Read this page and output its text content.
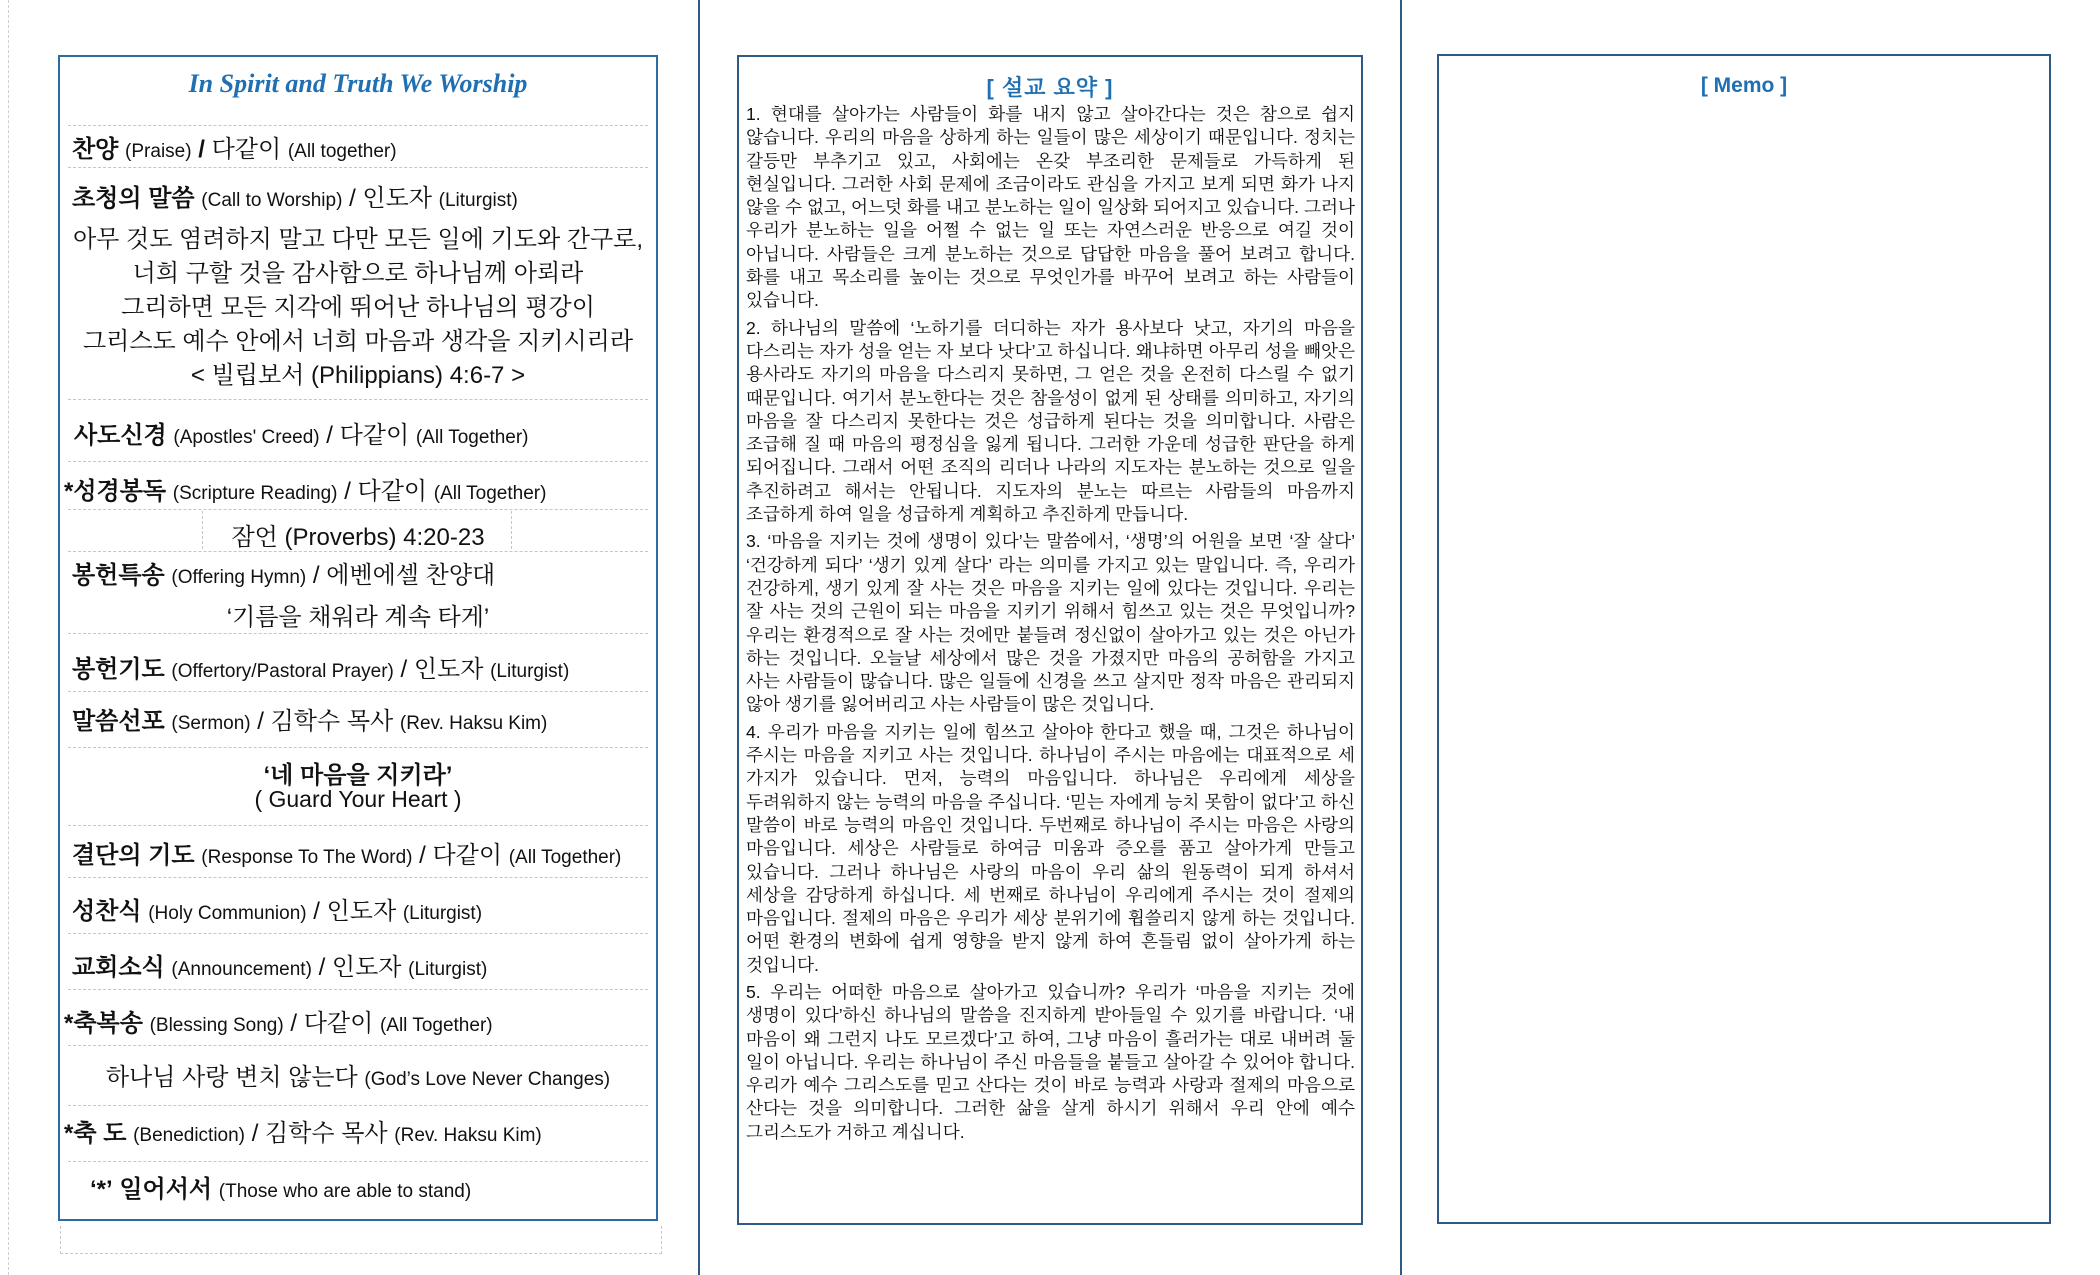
In Spirit and Truth We Worship
찬양 (Praise) / 다같이 (All together)
초청의 말씀 (Call to Worship) / 인도자 (Liturgist)
아무 것도 염려하지 말고 다만 모든 일에 기도와 간구로,
너희 구할 것을 감사함으로 하나님께 아뢰라
그리하면 모든 지각에 뛰어난 하나님의 평강이
그리스도 예수 안에서 너희 마음과 생각을 지키시리라
< 빌립보서 (Philippians) 4:6-7 >
사도신경 (Apostles' Creed) / 다같이 (All Together)
*성경봉독 (Scripture Reading) / 다같이 (All Together)
잠언 (Proverbs) 4:20-23
봉헌특송 (Offering Hymn) / 에벤에셀 찬양대
‘기름을 채워라 계속 타게’
봉헌기도 (Offertory/Pastoral Prayer) / 인도자 (Liturgist)
말씀선포 (Sermon) / 김학수 목사 (Rev. Haksu Kim)
‘네 마음을 지키라’
( Guard Your Heart )
결단의 기도 (Response To The Word) / 다같이 (All Together)
성찬식 (Holy Communion) / 인도자 (Liturgist)
교회소식 (Announcement) / 인도자 (Liturgist)
*축복송 (Blessing Song) / 다같이 (All Together)
하나님 사랑 변치 않는다 (God’s Love Never Changes)
*축 도 (Benediction) / 김학수 목사 (Rev. Haksu Kim)
‘*’ 일어서서 (Those who are able to stand)
[ 설교 요약 ]

1. 현대를 살아가는 사람들이 화를 내지 않고 살아간다는 것은 참으로 쉽지 않습니다. 우리의 마음을 상하게 하는 일들이 많은 세상이기 때문입니다. 정치는 갈등만 부추기고 있고, 사회에는 온갖 부조리한 문제들로 가득하게 된 현실입니다. 그러한 사회 문제에 조금이라도 관심을 가지고 보게 되면 화가 나지 않을 수 없고, 어느덧 화를 내고 분노하는 일이 일상화 되어지고 있습니다. 그러나 우리가 분노하는 일을 어쩔 수 없는 일 또는 자연스러운 반응으로 여길 것이 아닙니다. 사람들은 크게 분노하는 것으로 답답한 마음을 풀어 보려고 합니다. 화를 내고 목소리를 높이는 것으로 무엇인가를 바꾸어 보려고 하는 사람들이 있습니다.

2. 하나님의 말씀에 ‘노하기를 더디하는 자가 용사보다 낫고, 자기의 마음을 다스리는 자가 성을 얻는 자 보다 낫다’고 하십니다. 왜냐하면 아무리 성을 빼앗은 용사라도 자기의 마음을 다스리지 못하면, 그 얻은 것을 온전히 다스릴 수 없기 때문입니다. 여기서 분노한다는 것은 참을성이 없게 된 상태를 의미하고, 자기의 마음을 잘 다스리지 못한다는 것은 성급하게 된다는 것을 의미합니다. 사람은 조급해 질 때 마음의 평정심을 잃게 됩니다. 그러한 가운데 성급한 판단을 하게 되어집니다. 그래서 어떤 조직의 리더나 나라의 지도자는 분노하는 것으로 일을 추진하려고 해서는 안됩니다. 지도자의 분노는 따르는 사람들의 마음까지 조급하게 하여 일을 성급하게 계획하고 추진하게 만듭니다.

3. ‘마음을 지키는 것에 생명이 있다’는 말씀에서, ‘생명’의 어원을 보면 ‘잘 살다’ ‘건강하게 되다’ ‘생기 있게 살다’ 라는 의미를 가지고 있는 말입니다. 즉, 우리가 건강하게, 생기 있게 잘 사는 것은 마음을 지키는 일에 있다는 것입니다. 우리는 잘 사는 것의 근원이 되는 마음을 지키기 위해서 힘쓰고 있는 것은 무엇입니까? 우리는 환경적으로 잘 사는 것에만 붙들려 정신없이 살아가고 있는 것은 아닌가 하는 것입니다. 오늘날 세상에서 많은 것을 가졌지만 마음의 공허함을 가지고 사는 사람들이 많습니다. 많은 일들에 신경을 쓰고 살지만 정작 마음은 관리되지 않아 생기를 잃어버리고 사는 사람들이 많은 것입니다.

4. 우리가 마음을 지키는 일에 힘쓰고 살아야 한다고 했을 때, 그것은 하나님이 주시는 마음을 지키고 사는 것입니다. 하나님이 주시는 마음에는 대표적으로 세 가지가 있습니다. 먼저, 능력의 마음입니다. 하나님은 우리에게 세상을 두려워하지 않는 능력의 마음을 주십니다. ‘믿는 자에게 능치 못함이 없다’고 하신 말씀이 바로 능력의 마음인 것입니다. 두번째로 하나님이 주시는 마음은 사랑의 마음입니다. 세상은 사람들로 하여금 미움과 증오를 품고 살아가게 만들고 있습니다. 그러나 하나님은 사랑의 마음이 우리 삶의 원동력이 되게 하셔서 세상을 감당하게 하십니다. 세 번째로 하나님이 우리에게 주시는 것이 절제의 마음입니다. 절제의 마음은 우리가 세상 분위기에 휩쓸리지 않게 하는 것입니다. 어떤 환경의 변화에 쉽게 영향을 받지 않게 하여 흔들림 없이 살아가게 하는 것입니다.

5. 우리는 어떠한 마음으로 살아가고 있습니까? 우리가 ‘마음을 지키는 것에 생명이 있다’하신 하나님의 말씀을 진지하게 받아들일 수 있기를 바랍니다. ‘내 마음이 왜 그런지 나도 모르겠다’고 하여, 그냥 마음이 흘러가는 대로 내버려 둘 일이 아닙니다. 우리는 하나님이 주신 마음들을 붙들고 살아갈 수 있어야 합니다. 우리가 예수 그리스도를 믿고 산다는 것이 바로 능력과 사랑과 절제의 마음으로 산다는 것을 의미합니다. 그러한 삶을 살게 하시기 위해서 우리 안에 예수 그리스도가 거하고 계십니다.

[ Memo ]
